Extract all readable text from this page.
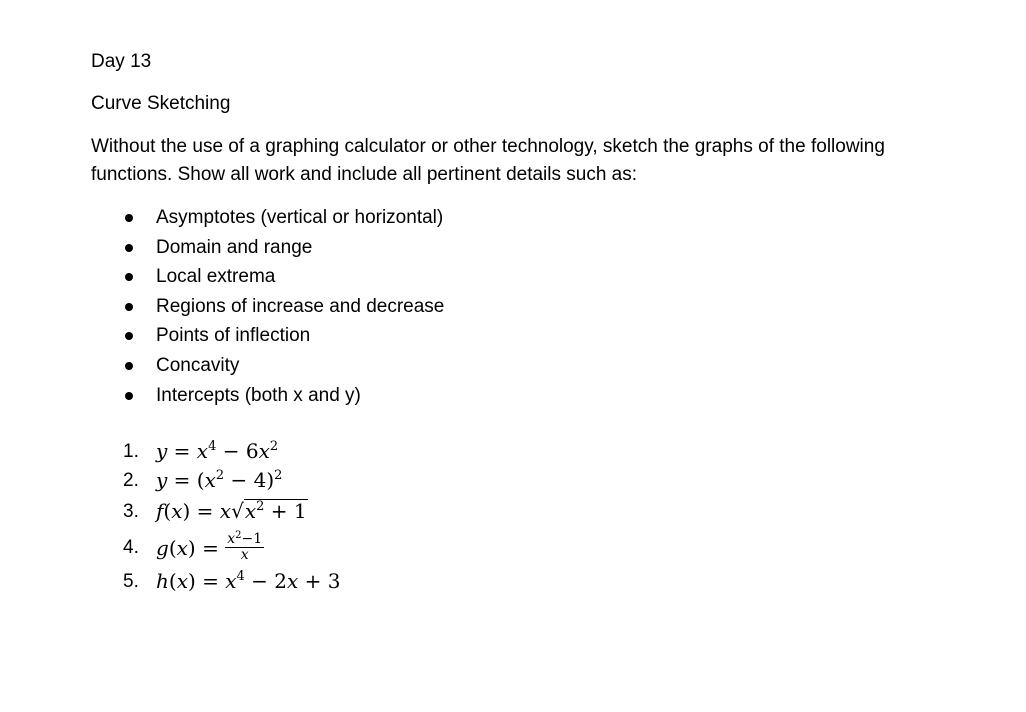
Day 13
Curve Sketching
Without the use of a graphing calculator or other technology, sketch the graphs of the following functions. Show all work and include all pertinent details such as:
Asymptotes (vertical or horizontal)
Domain and range
Local extrema
Regions of increase and decrease
Points of inflection
Concavity
Intercepts (both x and y)
1. $y = x^4 - 6x^2$
2. $y = (x^2 - 4)^2$
3. $f(x) = x√x^2 + 1$
4. $g(x) = \frac{x^2-1}{x}$
5. $h(x) = x^4 - 2x + 3$
